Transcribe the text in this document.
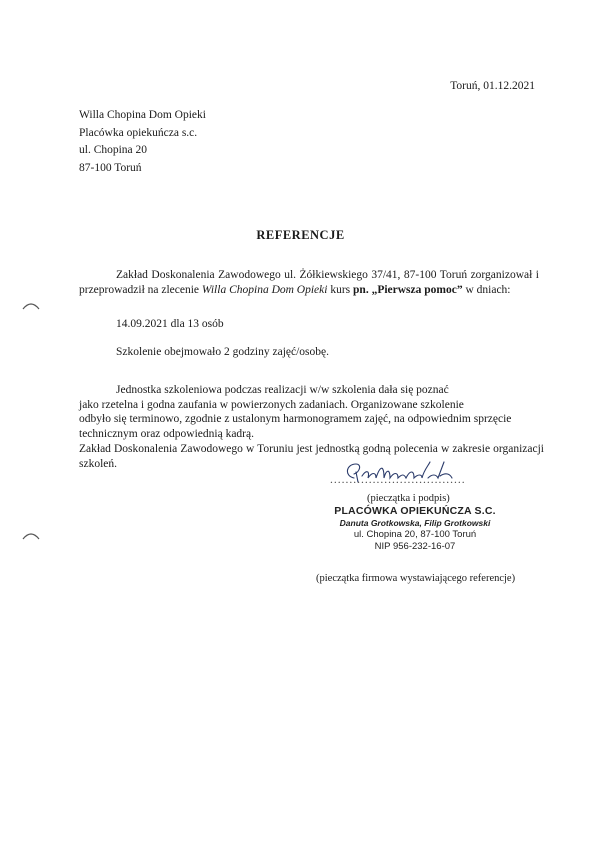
Toruń, 01.12.2021
Willa Chopina Dom Opieki
Placówka opiekuńcza s.c.
ul. Chopina 20
87-100 Toruń
REFERENCJE
Zakład Doskonalenia Zawodowego ul. Żółkiewskiego 37/41, 87-100 Toruń zorganizował i przeprowadził na zlecenie Willa Chopina Dom Opieki kurs pn. „Pierwsza pomoc” w dniach:
14.09.2021 dla 13 osób
Szkolenie obejmowało 2 godziny zajęć/osobę.
Jednostka szkoleniowa podczas realizacji w/w szkolenia dała się poznać
jako rzetelna i godna zaufania w powierzonych zadaniach. Organizowane szkolenie
odbyło się terminowo, zgodnie z ustalonym harmonogramem zajęć, na odpowiednim sprzęcie
technicznym oraz odpowiednią kadrą.
Zakład Doskonalenia Zawodowego w Toruniu jest jednostką godną polecenia w zakresie organizacji szkoleń.
...................................
(pieczątka i podpis)
PLACÓWKA OPIEKUŃCZA S.C.
Danuta Grotkowska, Filip Grotkowski
ul. Chopina 20, 87-100 Toruń
NIP 956-232-16-07
(pieczątka firmowa wystawiającego referencje)
